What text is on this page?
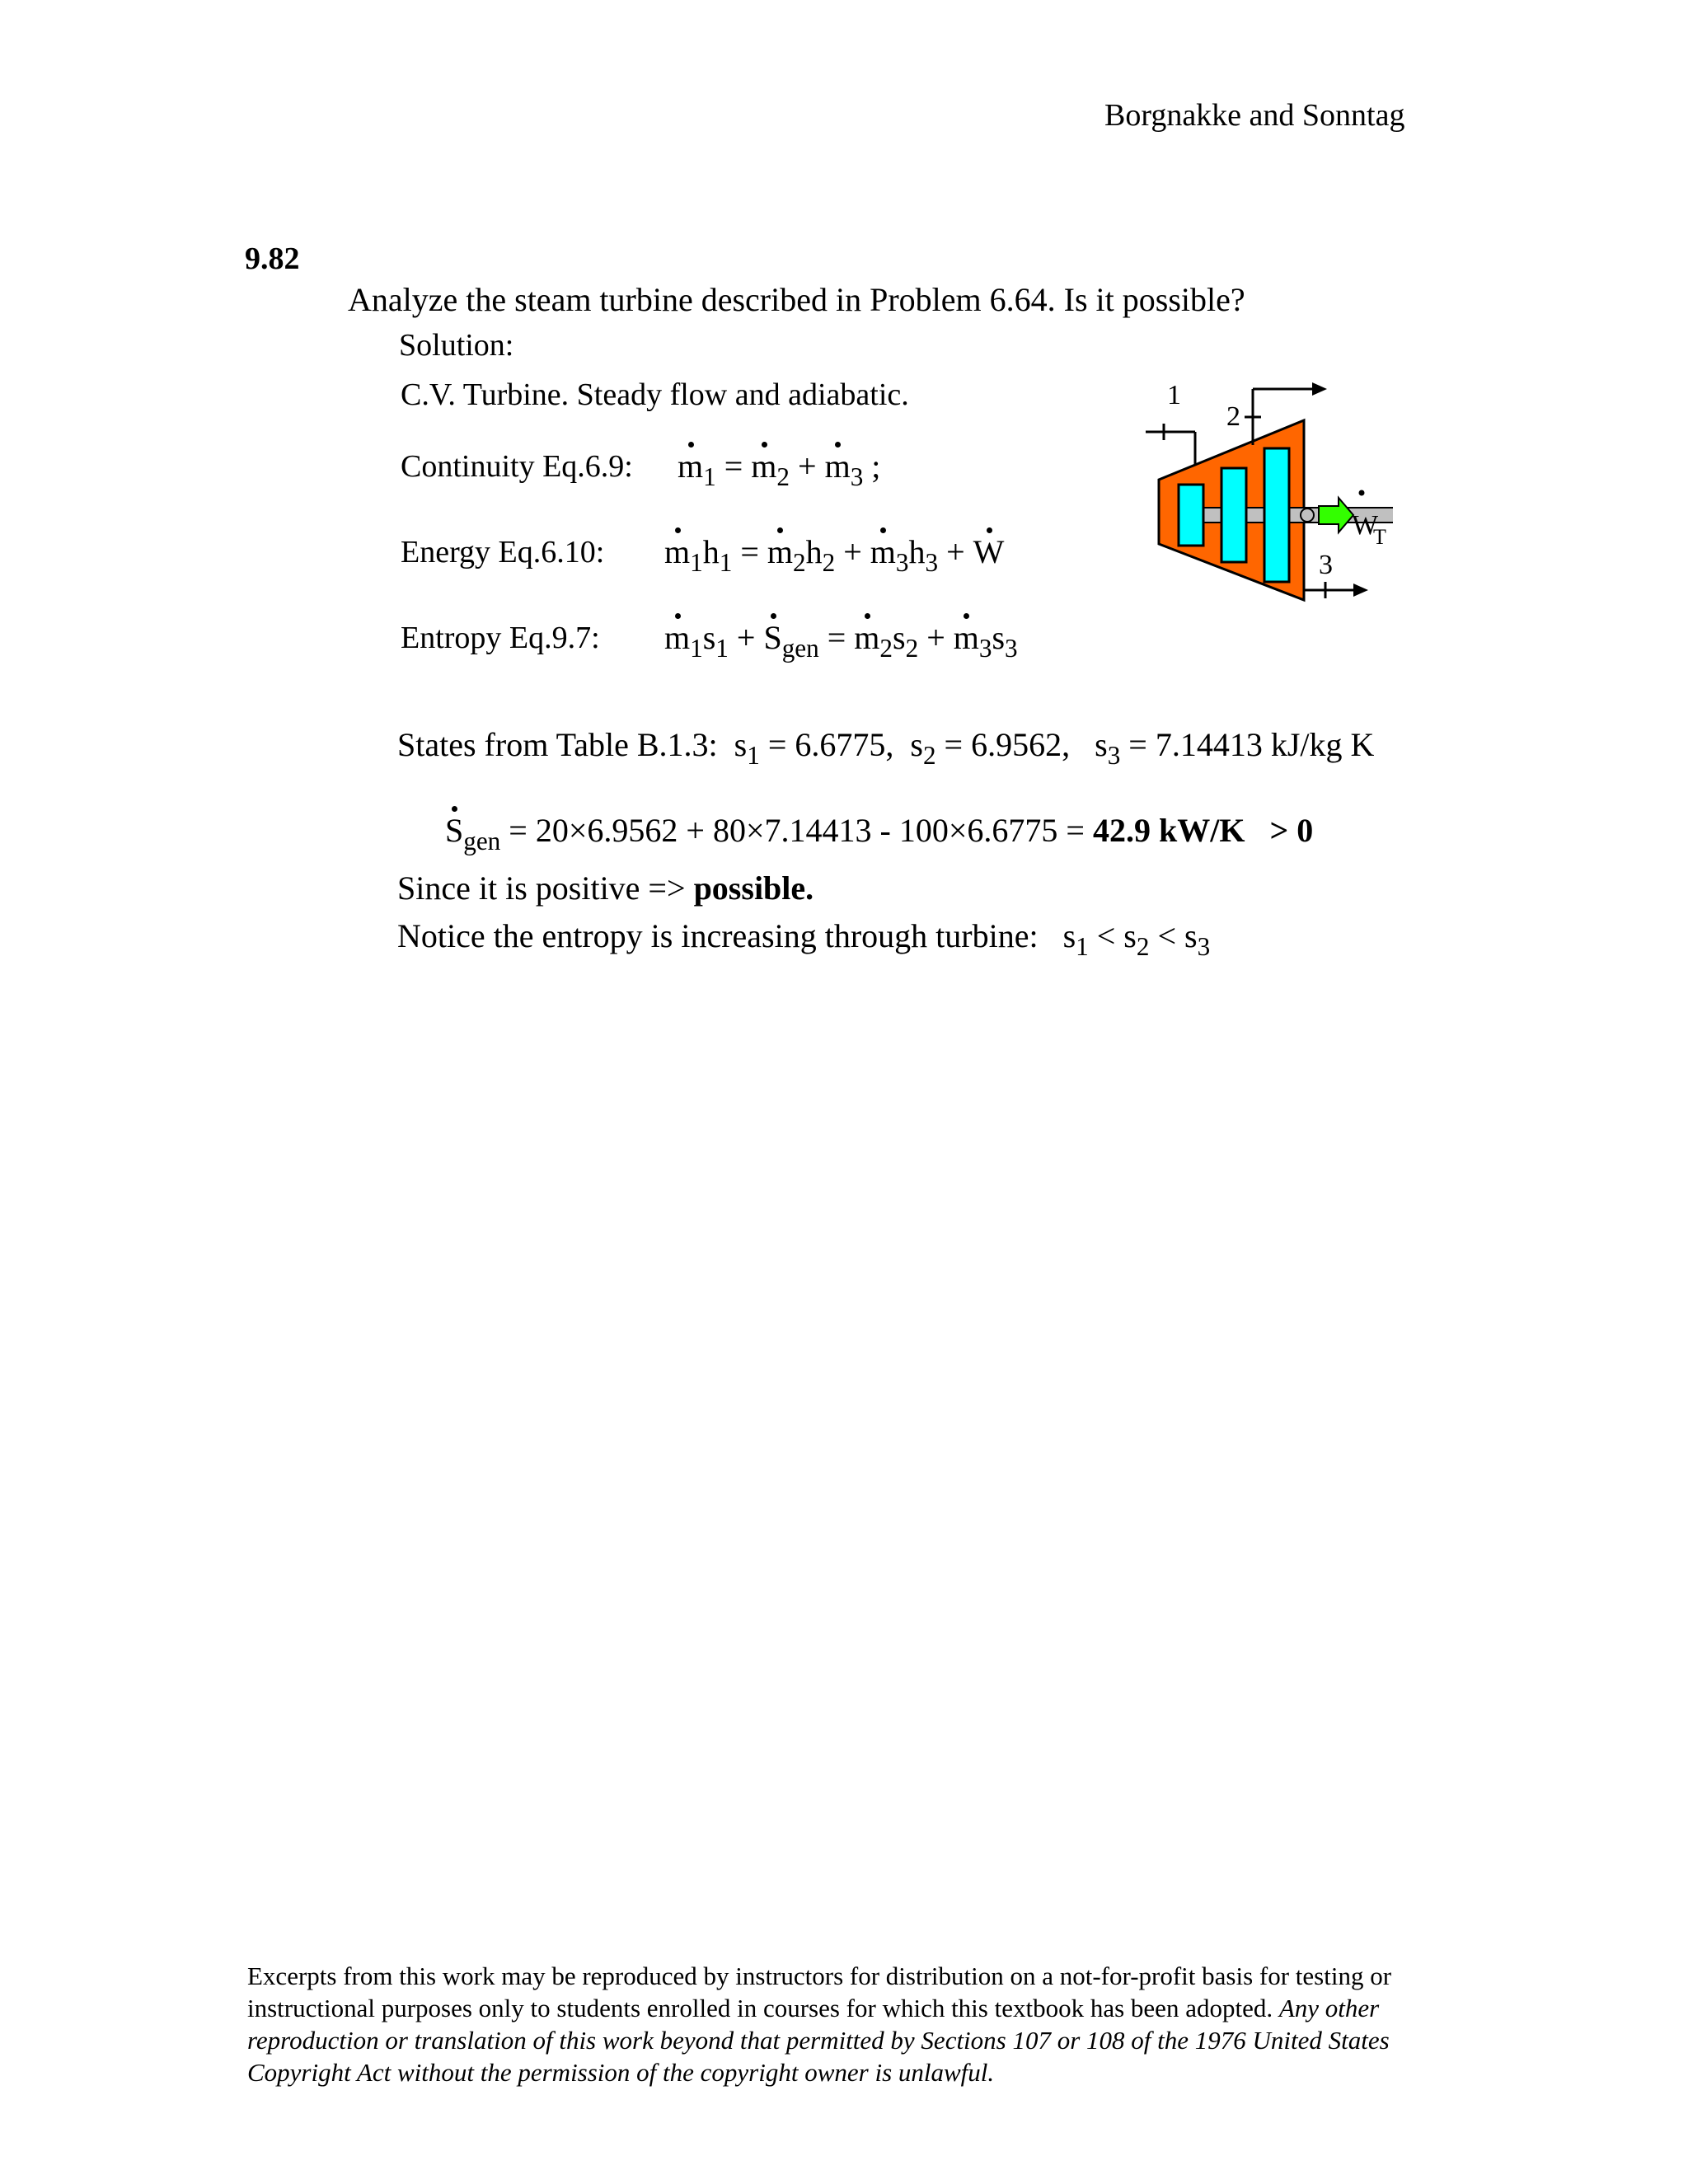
Borgnakke and Sonntag
9.82
Analyze the steam turbine described in Problem 6.64. Is it possible?
Solution:
C.V. Turbine. Steady flow and adiabatic.
Continuity Eq.6.9: $m_1 = m_2 + m_3$ ;
Energy Eq.6.10: $m_1h_1 = m_2h_2 + m_3h_3 + W$
Entropy Eq.9.7: $m_1s_1 + S_{gen} = m_2s_2 + m_3s_3$
States from Table B.1.3:  $s_1 = 6.6775$,  $s_2 = 6.9562$,   $s_3 = 7.14413$ kJ/kg K
$S_{gen} = 20\times 6.9562 + 80\times 7.14413 - 100\times 6.6775 = 42.9$ kW/K > 0
Since it is positive => possible.
Notice the entropy is increasing through turbine:   $s_1 < s_2 < s_3$
1
2
3
W
T
Excerpts from this work may be reproduced by instructors for distribution on a not-for-profit basis for testing or instructional purposes only to students enrolled in courses for which this textbook has been adopted. Any other reproduction or translation of this work beyond that permitted by Sections 107 or 108 of the 1976 United States Copyright Act without the permission of the copyright owner is unlawful.
